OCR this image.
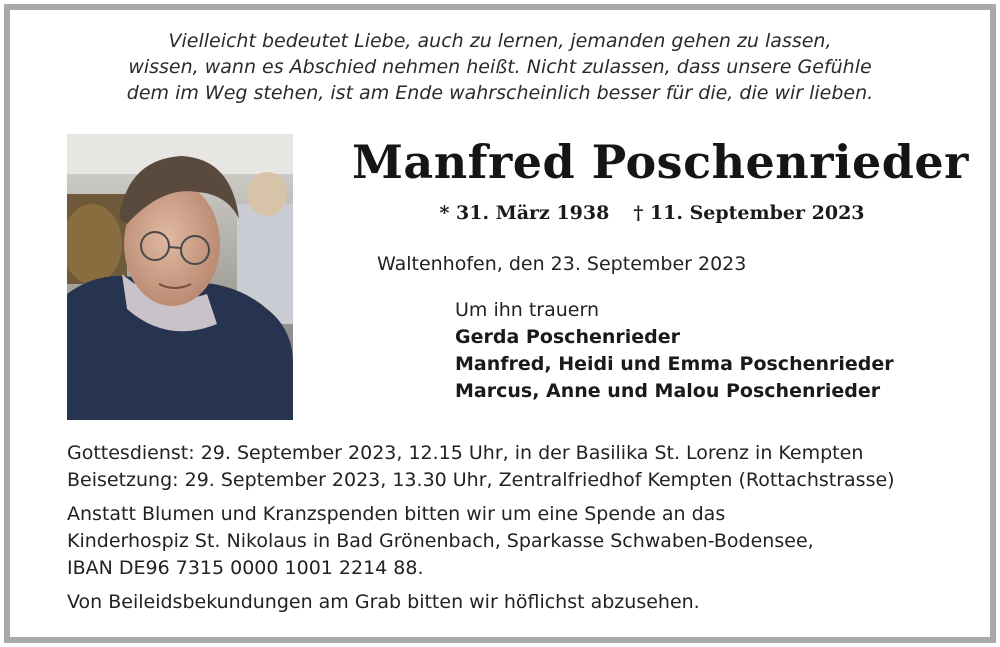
Vielleicht bedeutet Liebe, auch zu lernen, jemanden gehen zu lassen,
wissen, wann es Abschied nehmen heißt. Nicht zulassen, dass unsere Gefühle
dem im Weg stehen, ist am Ende wahrscheinlich besser für die, die wir lieben.
Manfred Poschenrieder
* 31. März 1938 † 11. September 2023
Waltenhofen, den 23. September 2023
Um ihn trauern
Gerda Poschenrieder
Manfred, Heidi und Emma Poschenrieder
Marcus, Anne und Malou Poschenrieder
Gottesdienst: 29. September 2023, 12.15 Uhr, in der Basilika St. Lorenz in Kempten
Beisetzung: 29. September 2023, 13.30 Uhr, Zentralfriedhof Kempten (Rottachstrasse)
Anstatt Blumen und Kranzspenden bitten wir um eine Spende an das
Kinderhospiz St. Nikolaus in Bad Grönenbach, Sparkasse Schwaben-Bodensee,
IBAN DE96 7315 0000 1001 2214 88.
Von Beileidsbekundungen am Grab bitten wir höflichst abzusehen.
